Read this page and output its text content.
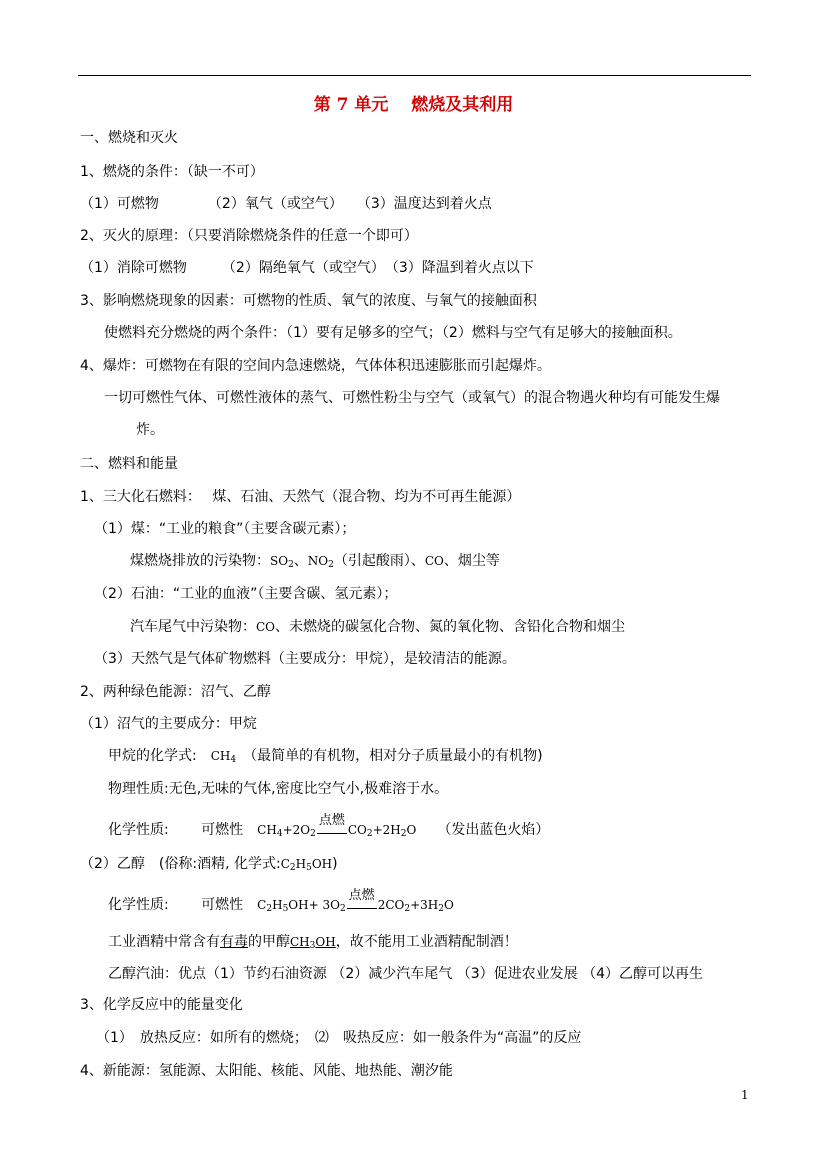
第 7 单元　 燃烧及其利用
一、燃烧和灭火
1、燃烧的条件：（缺一不可）
（1）可燃物　　　　（2）氧气（或空气）　　（3）温度达到着火点
2、灭火的原理：（只要消除燃烧条件的任意一个即可）
（1）消除可燃物　　　（2）隔绝氧气（或空气）　（3）降温到着火点以下
3、影响燃烧现象的因素：可燃物的性质、氧气的浓度、与氧气的接触面积
使燃料充分燃烧的两个条件：（1）要有足够多的空气；（2）燃料与空气有足够大的接触面积。
4、爆炸：可燃物在有限的空间内急速燃烧，气体体积迅速膨胀而引起爆炸。
一切可燃性气体、可燃性液体的蒸气、可燃性粉尘与空气（或氧气）的混合物遇火种均有可能发生爆
炸。
二、燃料和能量
1、三大化石燃料：　 煤、石油、天然气（混合物、均为不可再生能源）
（1）煤：“工业的粮食”（主要含碳元素）；
煤燃烧排放的污染物：$SO_2$、$NO_2$（引起酸雨）、CO、烟尘等
（2）石油：“工业的血液”（主要含碳、氢元素）；
汽车尾气中污染物：CO、未燃烧的碳氢化合物、氮的氧化物、含铅化合物和烟尘
（3）天然气是气体矿物燃料（主要成分：甲烷），是较清洁的能源。
2、两种绿色能源：沼气、乙醇
（1）沼气的主要成分：甲烷
甲烷的化学式:　$CH_4$　（最简单的有机物，相对分子质量最小的有机物)
物理性质:无色,无味的气体,密度比空气小,极难溶于水。
化学性质:　　 可燃性　$CH_4+2O_2$
点燃
$CO_2+2H_2O$　　（发出蓝色火焰）
（2）乙醇　(俗称:酒精, 化学式$:C_2H_5OH$)
化学性质:　　 可燃性　$C_2H_5OH+ 3O_2$
点燃
$2CO_2+3H_2O$
工业酒精中常含有有毒的甲醇$CH_3OH$，故不能用工业酒精配制酒！
乙醇汽油：优点（1）节约石油资源 （2）减少汽车尾气 （3）促进农业发展 （4）乙醇可以再生
3、化学反应中的能量变化
（1）　放热反应：如所有的燃烧；　⑵　吸热反应：如一般条件为“高温”的反应
4、新能源：氢能源、太阳能、核能、风能、地热能、潮汐能
1
